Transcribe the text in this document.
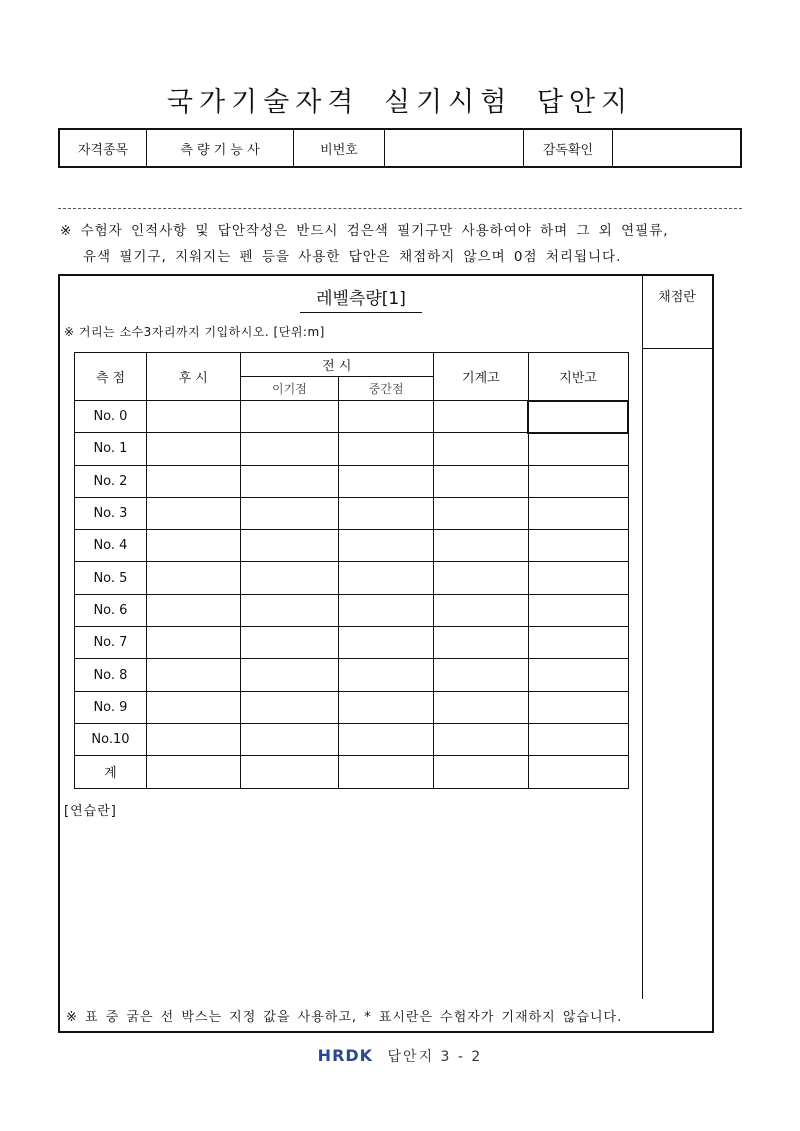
국가기술자격 실기시험 답안지
자격종목	측 량 기 능 사	비번호		감독확인	
※ 수험자 인적사항 및 답안작성은 반드시 검은색 필기구만 사용하여야 하며 그 외 연필류,
유색 필기구, 지워지는 펜 등을 사용한 답안은 채점하지 않으며 0점 처리됩니다.
채점란
레벨측량[1]
※ 거리는 소수3자리까지 기입하시오. [단위:m]
측 점	후 시	전 시		기계고	지반고
		이기점	중간점		
No. 0					
No. 1					
No. 2					
No. 3					
No. 4					
No. 5					
No. 6					
No. 7					
No. 8					
No. 9					
No.10					
계					
[연습란]
※ 표 중 굵은 선 박스는 지정 값을 사용하고, * 표시란은 수험자가 기재하지 않습니다.
HRDK 답안지 3 - 2
